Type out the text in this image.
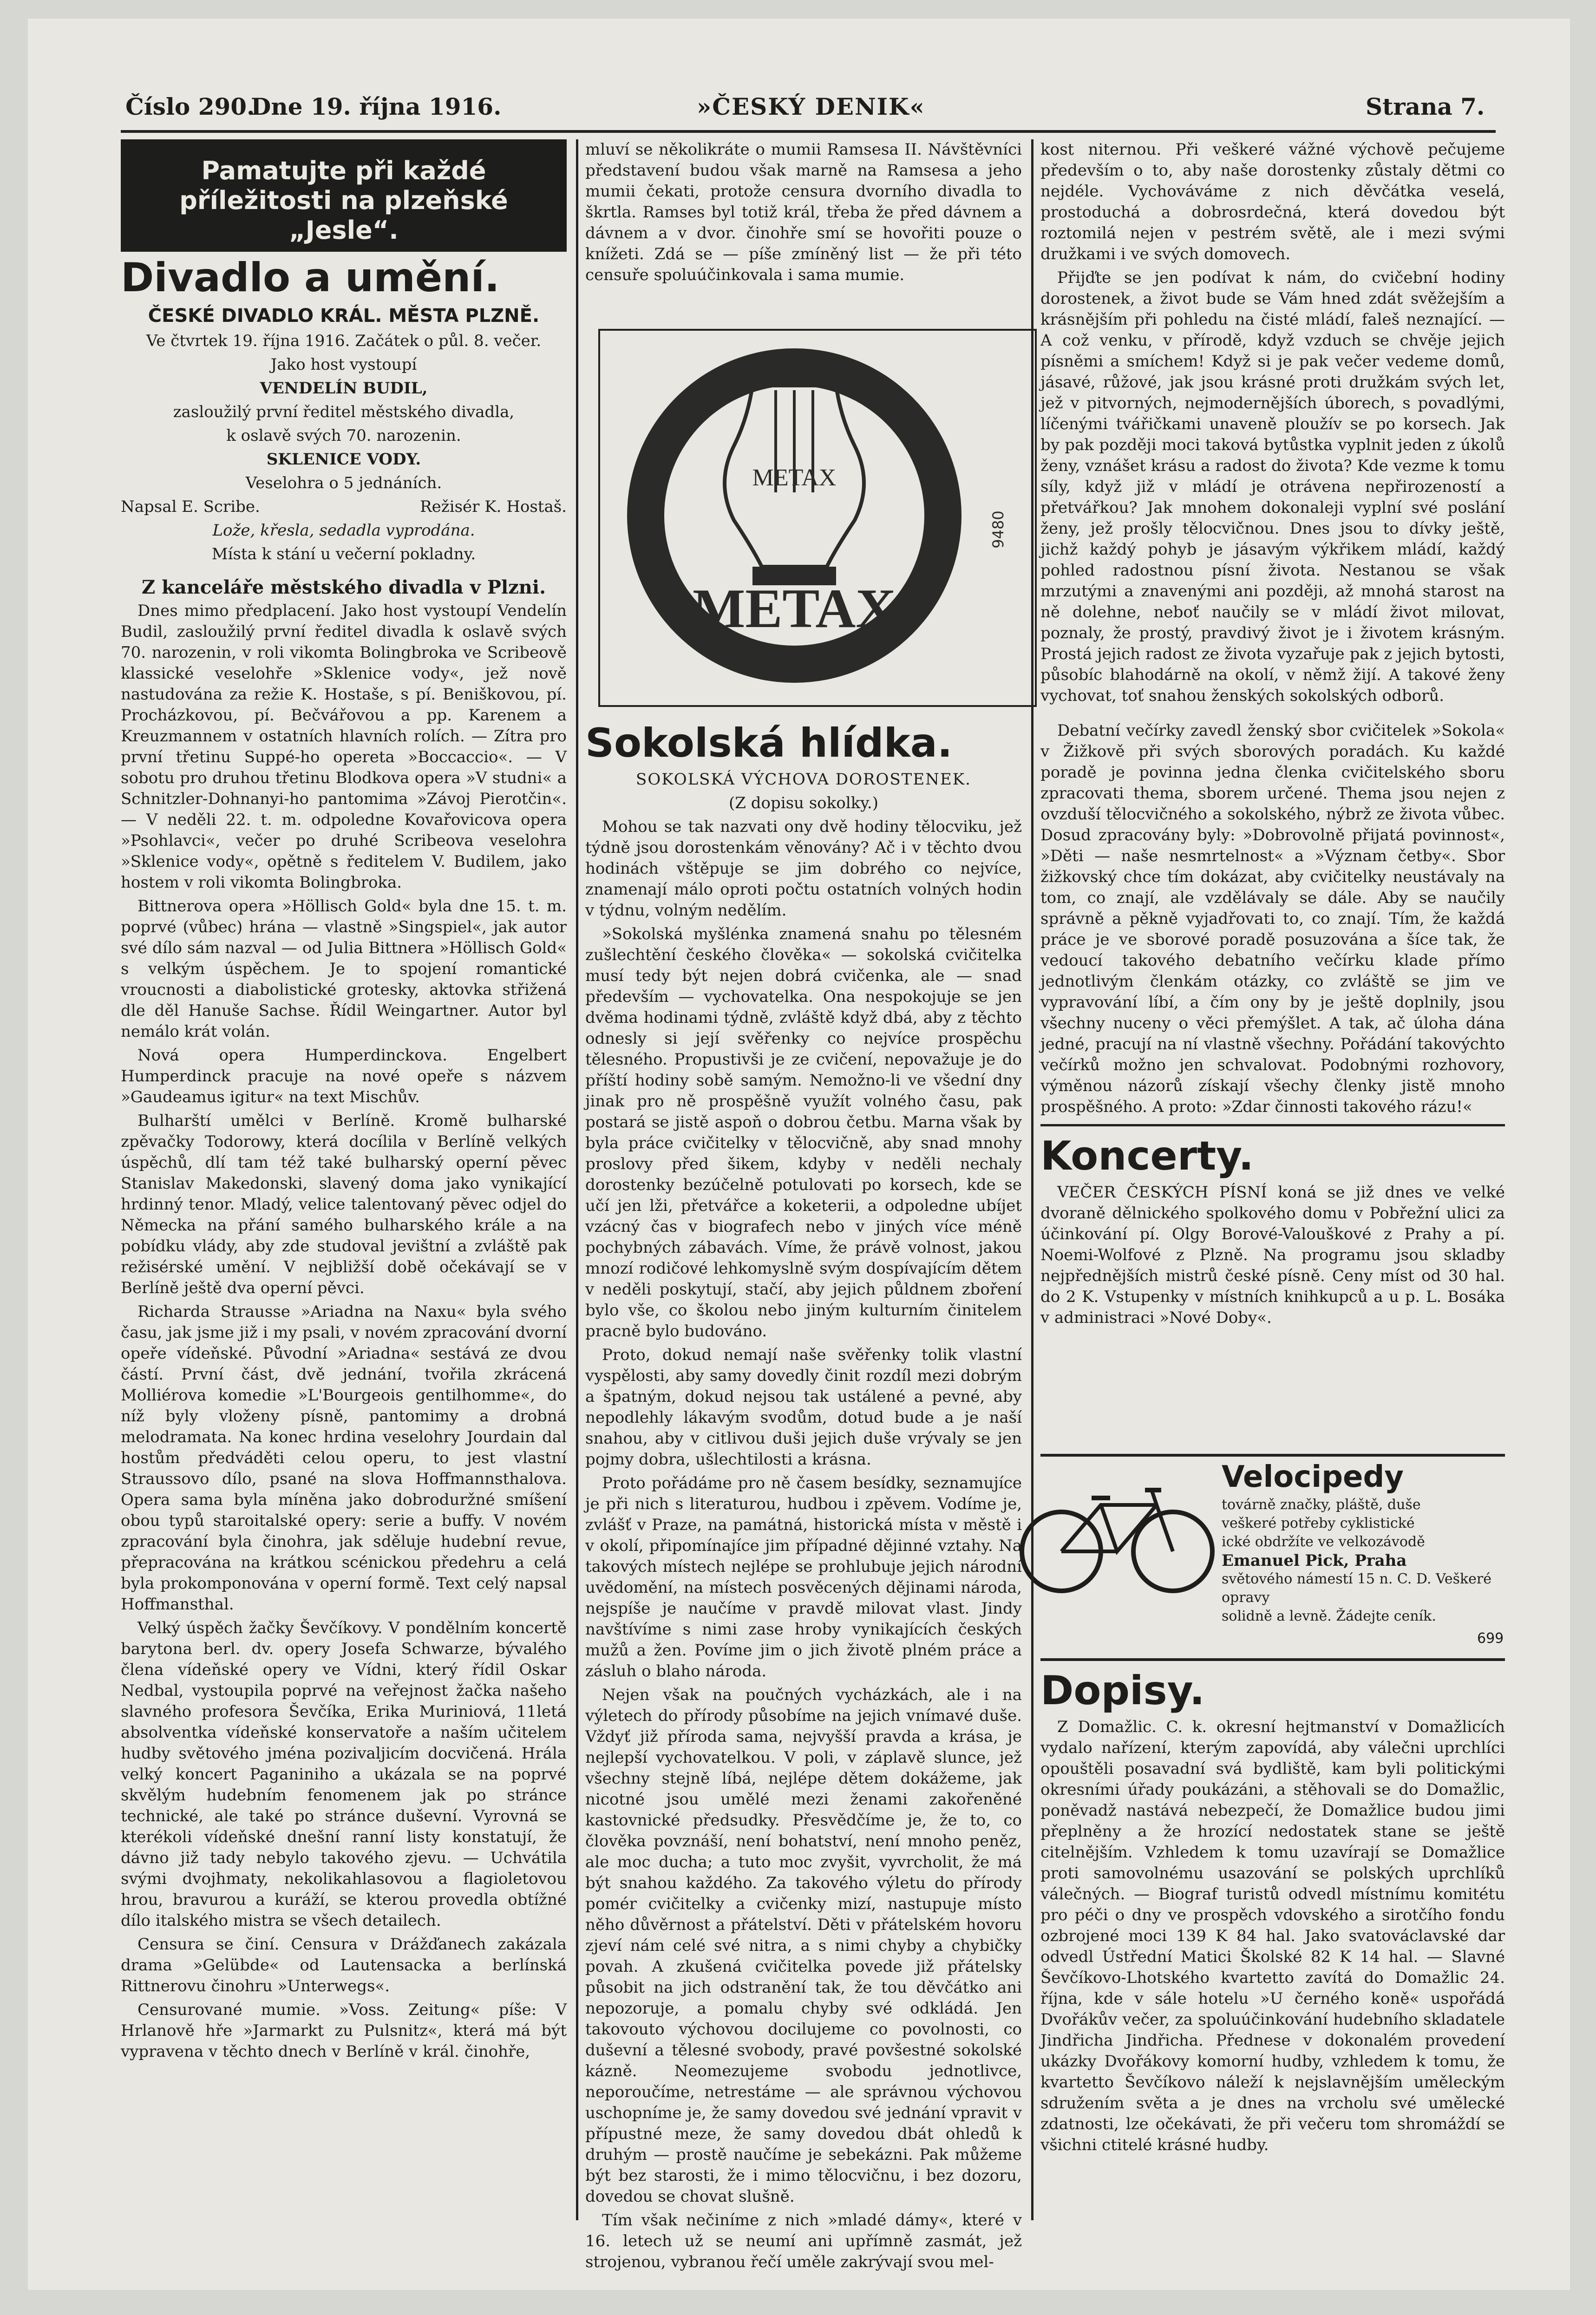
Číslo 290.
Dne 19. října 1916.	»ČESKÝ DENIK«	Strana 7.

Pamatujte při každé příležitosti na plzeňské „Jesle“.

Divadlo a umění.

ČESKÉ DIVADLO KRÁL. MĚSTA PLZNĚ.

Ve čtvrtek 19. října 1916. Začátek o půl. 8. večer.

Jako host vystoupí

VENDELÍN BUDIL,

zasloužilý první ředitel městského divadla,

k oslavě svých 70. narozenin.

SKLENICE VODY.

Veselohra o 5 jednáních.

Napsal E. Scribe.	Režisér K. Hostaš.

Lože, křesla, sedadla vyprodána.

Místa k stání u večerní pokladny.

Z kanceláře městského divadla v Plzni.

Dnes mimo předplacení. Jako host vystoupí Vendelín Budil, zasloužilý první ředitel divadla k oslavě svých 70. narozenin, v roli vikomta Bolingbroka ve Scribeově klassické veselohře »Sklenice vody«, jež nově nastudována za režie K. Hostaše, s pí. Beniškovou, pí. Procházkovou, pí. Bečvářovou a pp. Karenem a Kreuzmannem v ostatních hlavních rolích. — Zítra pro první třetinu Suppé-ho opereta »Boccaccio«. — V sobotu pro druhou třetinu Blodkova opera »V studni« a Schnitzler-Dohnanyi-ho pantomima »Závoj Pierotčin«. — V neděli 22. t. m. odpoledne Kovařovicova opera »Psohlavci«, večer po druhé Scribeova veselohra »Sklenice vody«, opětně s ředitelem V. Budilem, jako hostem v roli vikomta Bolingbroka.

Bittnerova opera »Höllisch Gold« byla dne 15. t. m. poprvé (vůbec) hrána — vlastně »Singspiel«, jak autor své dílo sám nazval — od Julia Bittnera »Höllisch Gold« s velkým úspěchem. Je to spojení romantické vroucnosti a diabolistické grotesky, aktovka střižená dle děl Hanuše Sachse. Řídil Weingartner. Autor byl nemálo krát volán.

Nová opera Humperdinckova. Engelbert Humperdinck pracuje na nové opeře s názvem »Gaudeamus igitur« na text Mischův.

Bulharští umělci v Berlíně. Kromě bulharské zpěvačky Todorowy, která docílila v Berlíně velkých úspěchů, dlí tam též také bulharský operní pěvec Stanislav Makedonski, slavený doma jako vynikající hrdinný tenor. Mladý, velice talentovaný pěvec odjel do Německa na přání samého bulharského krále a na pobídku vlády, aby zde studoval jevištní a zvláště pak režisérské umění. V nejbližší době očekávají se v Berlíně ještě dva operní pěvci.

Richarda Strausse »Ariadna na Naxu« byla svého času, jak jsme již i my psali, v novém zpracování dvorní opeře vídeňské. Původní »Ariadna« sestává ze dvou částí. První část, dvě jednání, tvořila zkrácená Molliérova komedie »L'Bourgeois gentilhomme«, do níž byly vloženy písně, pantomimy a drobná melodramata. Na konec hrdina veselohry Jourdain dal hostům předváděti celou operu, to jest vlastní Straussovo dílo, psané na slova Hoffmannsthalova. Opera sama byla míněna jako dobroduržné smíšení obou typů staroitalské opery: serie a buffy. V novém zpracování byla činohra, jak sděluje hudební revue, přepracována na krátkou scénickou předehru a celá byla prokomponována v operní formě. Text celý napsal Hoffmansthal.

Velký úspěch žačky Ševčíkovy. V pondělním koncertě barytona berl. dv. opery Josefa Schwarze, bývalého člena vídeňské opery ve Vídni, který řídil Oskar Nedbal, vystoupila poprvé na veřejnost žačka našeho slavného profesora Ševčíka, Erika Muriniová, 11letá absolventka vídeňské konservatoře a naším učitelem hudby světového jména pozivaljicím docvičená. Hrála velký koncert Paganiniho a ukázala se na poprvé skvělým hudebním fenomenem jak po stránce technické, ale také po stránce duševní. Vyrovná se kterékoli vídeňské dnešní ranní listy konstatují, že dávno již tady nebylo takového zjevu. — Uchvátila svými dvojhmaty, nekolikahlasovou a flagioletovou hrou, bravurou a kuráží, se kterou provedla obtížné dílo italského mistra se všech detailech.

Censura se činí. Censura v Drážďanech zakázala drama »Gelübde« od Lautensacka a berlínská Rittnerovu činohru »Unterwegs«.

Censurované mumie. »Voss. Zeitung« píše: V Hrlanově hře »Jarmarkt zu Pulsnitz«, která má být vypravena v těchto dnech v Berlíně v král. činohře,

mluví se několikráte o mumii Ramsesa II. Návštěvníci představení budou však marně na Ramsesa a jeho mumii čekati, protože censura dvorního divadla to škrtla. Ramses byl totiž král, třeba že před dávnem a dávnem a v dvor. činohře smí se hovořiti pouze o knížeti. Zdá se — píše zmíněný list — že při této censuře spoluúčinkovala i sama mumie.

METAX
METAX
9480

Sokolská hlídka.

SOKOLSKÁ VÝCHOVA DOROSTENEK.

(Z dopisu sokolky.)

Mohou se tak nazvati ony dvě hodiny tělocviku, jež týdně jsou dorostenkám věnovány? Ač i v těchto dvou hodinách vštěpuje se jim dobrého co nejvíce, znamenají málo oproti počtu ostatních volných hodin v týdnu, volným nedělím.

»Sokolská myšlénka znamená snahu po tělesném zušlechtění českého člověka« — sokolská cvičitelka musí tedy být nejen dobrá cvičenka, ale — snad především — vychovatelka. Ona nespokojuje se jen dvěma hodinami týdně, zvláště když dbá, aby z těchto odnesly si její svěřenky co nejvíce prospěchu tělesného. Propustivši je ze cvičení, nepovažuje je do příští hodiny sobě samým. Nemožno-li ve všední dny jinak pro ně prospěšně využít volného času, pak postará se jistě aspoň o dobrou četbu. Marna však by byla práce cvičitelky v tělocvičně, aby snad mnohy proslovy před šikem, kdyby v neděli nechaly dorostenky bezúčelně potulovati po korsech, kde se učí jen lži, přetvářce a koketerii, a odpoledne ubíjet vzácný čas v biografech nebo v jiných více méně pochybných zábavách. Víme, že právě volnost, jakou mnozí rodičové lehkomyslně svým dospívajícím dětem v neděli poskytují, stačí, aby jejich půldnem zboření bylo vše, co školou nebo jiným kulturním činitelem pracně bylo budováno.

Proto, dokud nemají naše svěřenky tolik vlastní vyspělosti, aby samy dovedly činit rozdíl mezi dobrým a špatným, dokud nejsou tak ustálené a pevné, aby nepodlehly lákavým svodům, dotud bude a je naší snahou, aby v citlivou duši jejich duše vrývaly se jen pojmy dobra, ušlechtilosti a krásna.

Proto pořádáme pro ně časem besídky, seznamujíce je při nich s literaturou, hudbou i zpěvem. Vodíme je, zvlášť v Praze, na památná, historická místa v městě i v okolí, připomínajíce jim případné dějinné vztahy. Na takových místech nejlépe se prohlubuje jejich národní uvědomění, na místech posvěcených dějinami národa, nejspíše je naučíme v pravdě milovat vlast. Jindy navštívíme s nimi zase hroby vynikajících českých mužů a žen. Povíme jim o jich životě plném práce a zásluh o blaho národa.

Nejen však na poučných vycházkách, ale i na výletech do přírody působíme na jejich vnímavé duše. Vždyť již příroda sama, nejvyšší pravda a krása, je nejlepší vychovatelkou. V poli, v záplavě slunce, jež všechny stejně líbá, nejlépe dětem dokážeme, jak nicotné jsou umělé mezi ženami zakořeněné kastovnické předsudky. Přesvědčíme je, že to, co člověka povznáší, není bohatství, není mnoho peněz, ale moc ducha; a tuto moc zvyšit, vyvrcholit, že má být snahou každého. Za takového výletu do přírody pomér cvičitelky a cvičenky mizí, nastupuje místo něho důvěrnost a přátelství. Děti v přátelském hovoru zjeví nám celé své nitra, a s nimi chyby a chybičky povah. A zkušená cvičitelka povede již přátelsky působit na jich odstranění tak, že tou děvčátko ani nepozoruje, a pomalu chyby své odkládá. Jen takovouto výchovou docilujeme co povolnosti, co duševní a tělesné svobody, pravé povšestné sokolské kázně. Neomezujeme svobodu jednotlivce, neporoučíme, netrestáme — ale správnou výchovou uschopníme je, že samy dovedou své jednání vpravit v přípustné meze, že samy dovedou dbát ohledů k druhým — prostě naučíme je sebekázni. Pak můžeme být bez starosti, že i mimo tělocvičnu, i bez dozoru, dovedou se chovat slušně.

Tím však nečiníme z nich »mladé dámy«, které v 16. letech už se neumí ani upřímně zasmát, jež strojenou, vybranou řečí uměle zakrývají svou mel-

kost niternou. Při veškeré vážné výchově pečujeme především o to, aby naše dorostenky zůstaly dětmi co nejdéle. Vychováváme z nich děvčátka veselá, prostoduchá a dobrosrdečná, která dovedou být roztomilá nejen v pestrém světě, ale i mezi svými družkami i ve svých domovech.

Přijďte se jen podívat k nám, do cvičební hodiny dorostenek, a život bude se Vám hned zdát svěžejším a krásnějším při pohledu na čisté mládí, faleš neznající. — A což venku, v přírodě, když vzduch se chvěje jejich písněmi a smíchem! Když si je pak večer vedeme domů, jásavé, růžové, jak jsou krásné proti družkám svých let, jež v pitvorných, nejmodernějších úborech, s povadlými, líčenými tvářičkami unaveně ploužív se po korsech. Jak by pak později moci taková bytůstka vyplnit jeden z úkolů ženy, vznášet krásu a radost do života? Kde vezme k tomu síly, když již v mládí je otrávena nepřirozeností a přetvářkou? Jak mnohem dokonaleji vyplní své poslání ženy, jež prošly tělocvičnou. Dnes jsou to dívky ještě, jichž každý pohyb je jásavým výkřikem mládí, každý pohled radostnou písní života. Nestanou se však mrzutými a znavenými ani později, až mnohá starost na ně dolehne, neboť naučily se v mládí život milovat, poznaly, že prostý, pravdivý život je i životem krásným. Prostá jejich radost ze života vyzařuje pak z jejich bytosti, působíc blahodárně na okolí, v němž žijí. A takové ženy vychovat, toť snahou ženských sokolských odborů.

Debatní večírky zavedl ženský sbor cvičitelek »Sokola« v Žižkově při svých sborových poradách. Ku každé poradě je povinna jedna členka cvičitelského sboru zpracovati thema, sborem určené. Thema jsou nejen z ovzduší tělocvičného a sokolského, nýbrž ze života vůbec. Dosud zpracovány byly: »Dobrovolně přijatá povinnost«, »Děti — naše nesmrtelnost« a »Význam četby«. Sbor žižkovský chce tím dokázat, aby cvičitelky neustávaly na tom, co znají, ale vzdělávaly se dále. Aby se naučily správně a pěkně vyjadřovati to, co znají. Tím, že každá práce je ve sborové poradě posuzována a šíce tak, že vedoucí takového debatního večírku klade přímo jednotlivým členkám otázky, co zvláště se jim ve vypravování líbí, a čím ony by je ještě doplnily, jsou všechny nuceny o věci přemýšlet. A tak, ač úloha dána jedné, pracují na ní vlastně všechny. Pořádání takovýchto večírků možno jen schvalovat. Podobnými rozhovory, výměnou názorů získají všechy členky jistě mnoho prospěšného. A proto: »Zdar činnosti takového rázu!«

Koncerty.

VEČER ČESKÝCH PÍSNÍ koná se již dnes ve velké dvoraně dělnického spolkového domu v Pobřežní ulici za účinkování pí. Olgy Borové-Valouškové z Prahy a pí. Noemi-Wolfové z Plzně. Na programu jsou skladby nejpřednějších mistrů české písně. Ceny míst od 30 hal. do 2 K. Vstupenky v místních knihkupců a u p. L. Bosáka v administraci »Nové Doby«.

Velocipedy
továrně značky, pláště, duše
veškeré potřeby cyklistické
ické obdržíte ve velkozávodě
Emanuel Pick, Praha
světového námestí 15 n. C. D. Veškeré opravy
solidně a levně. Žádejte ceník.
699

Dopisy.

Z Domažlic. C. k. okresní hejtmanství v Domažlicích vydalo nařízení, kterým zapovídá, aby válečni uprchlíci opouštěli posavadní svá bydliště, kam byli politickými okresními úřady poukázáni, a stěhovali se do Domažlic, poněvadž nastává nebezpečí, že Domažlice budou jimi přeplněny a že hrozící nedostatek stane se ještě citelnějším. Vzhledem k tomu uzavírají se Domažlice proti samovolnému usazování se polských uprchlíků válečných. — Biograf turistů odvedl místnímu komitétu pro péči o dny ve prospěch vdovského a sirotčího fondu ozbrojené moci 139 K 84 hal. Jako svatováclavské dar odvedl Ústřední Matici Školské 82 K 14 hal. — Slavné Ševčíkovo-Lhotského kvartetto zavítá do Domažlic 24. října, kde v sále hotelu »U černého koně« uspořádá Dvořákův večer, za spoluúčinkování hudebního skladatele Jindřicha Jindřicha. Přednese v dokonalém provedení ukázky Dvořákovy komorní hudby, vzhledem k tomu, že kvartetto Ševčíkovo náleží k nejslavnějším uměleckým sdružením světa a je dnes na vrcholu své umělecké zdatnosti, lze očekávati, že při večeru tom shromáždí se všichni ctitelé krásné hudby.
